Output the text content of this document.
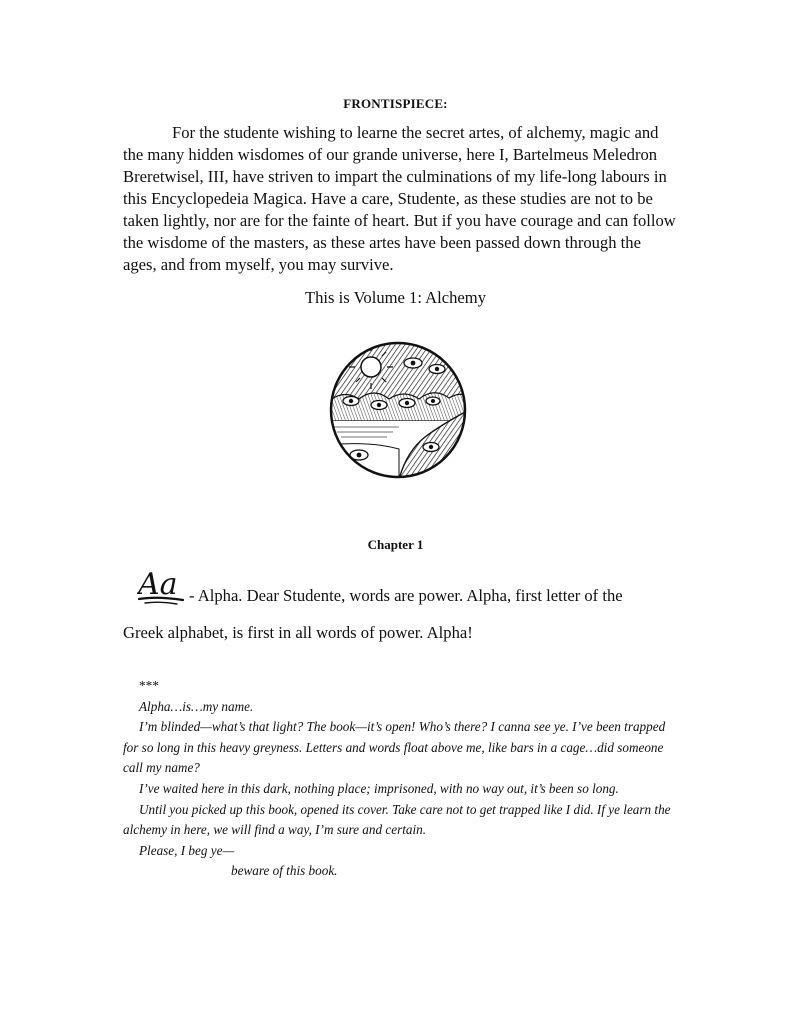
FRONTISPIECE:

For the studente wishing to learne the secret artes, of alchemy, magic and the many hidden wisdomes of our grande universe, here I, Bartelmeus Meledron Breretwisel, III, have striven to impart the culminations of my life-long labours in this Encyclopedeia Magica. Have a care, Studente, as these studies are not to be taken lightly, nor are for the fainte of heart. But if you have courage and can follow the wisdome of the masters, as these artes have been passed down through the ages, and from myself, you may survive.

This is Volume 1: Alchemy
Chapter 1
Aa - Alpha. Dear Studente, words are power. Alpha, first letter of the
Greek alphabet, is first in all words of power. Alpha!

***

Alpha…is…my name.

I’m blinded—what’s that light? The book—it’s open! Who’s there? I canna see ye. I’ve been trapped for so long in this heavy greyness. Letters and words float above me, like bars in a cage…did someone call my name?

I’ve waited here in this dark, nothing place; imprisoned, with no way out, it’s been so long.

Until you picked up this book, opened its cover. Take care not to get trapped like I did. If ye learn the alchemy in here, we will find a way, I’m sure and certain.

Please, I beg ye—

beware of this book.
